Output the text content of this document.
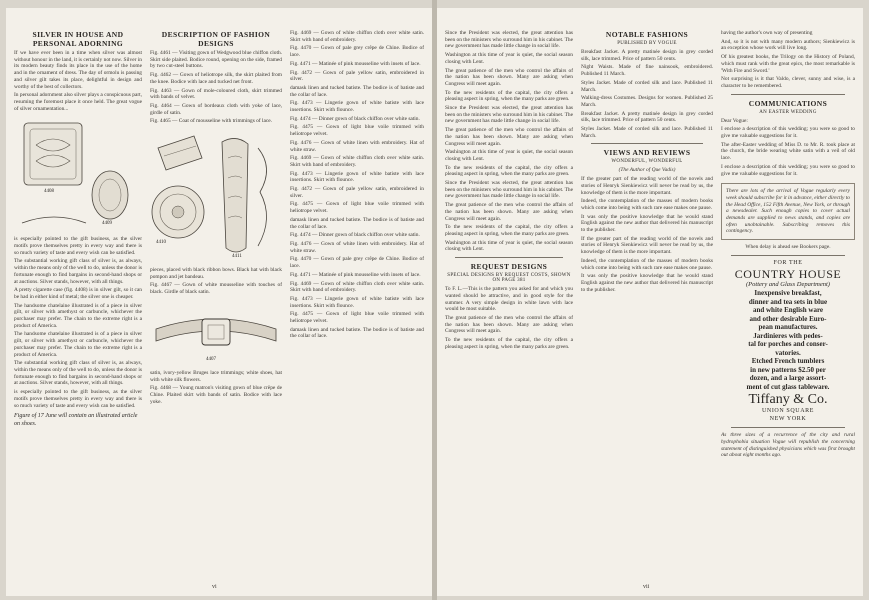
SILVER IN HOUSE AND PERSONAL ADORNING

If we have ever been in a time when silver was almost without honour in the land, it is certainly not now. Silver in its modern beauty finds its place in the use of the home and in the ornament of dress. The day of ormolu is passing and silver gilt takes its place, delightful in design and worthy of the best of collectors.

In personal adornment also silver plays a conspicuous part, resuming the foremost place it once held. The great vogue of silver ornamentation...

4408
4409

is especially pointed to the gift business, as the silver motifs prove themselves pretty in every way and there is so much variety of taste and every wish can be satisfied.

The substantial working gift class of silver is, as always, within the means only of the well to do, unless the donor is fortunate enough to find bargains in second-hand shops or at auctions. Silver stands, however, with all things.

A pretty cigarette case (fig. 4408) is in silver gilt, so it can be had in either kind of metal; the silver one is cheaper.

The handsome chatelaine illustrated is of a piece in silver gilt, or silver with amethyst or carbuncle, whichever the purchaser may prefer. The chain to the extreme right is a product of America.

The handsome chatelaine illustrated is of a piece in silver gilt, or silver with amethyst or carbuncle, whichever the purchaser may prefer. The chain to the extreme right is a product of America.

The substantial working gift class of silver is, as always, within the means only of the well to do, unless the donor is fortunate enough to find bargains in second-hand shops or at auctions. Silver stands, however, with all things.

is especially pointed to the gift business, as the silver motifs prove themselves pretty in every way and there is so much variety of taste and every wish can be satisfied.

Figure of 17 June will contain an illustrated article on shoes.
DESCRIPTION OF FASHION DESIGNS

Fig. 4461 — Visiting gown of Wedgwood blue chiffon cloth. Skirt side plaited. Bodice round, opening on the side, framed by two cut-steel buttons.

Fig. 4462 — Gown of heliotrope silk, the skirt plaited from the knee. Bodice with lace and tucked net front.

Fig. 4463 — Gown of mole-coloured cloth, skirt trimmed with bands of velvet.

Fig. 4464 — Gown of bordeaux cloth with yoke of lace, girdle of satin.

Fig. 4465 — Coat of mousseline with trimmings of lace.

4410
4411

pieces, placed with black ribbon bows. Black hat with black pompon and jet bandeau.

Fig. 4467 — Gown of white mousseline with touches of black. Girdle of black satin.

4407

satin, ivory-yellow Bruges lace trimmings; white shoes, hat with white silk flowers.

Fig. 4468 — Young matron's visiting gown of blue crêpe de Chine. Plaited skirt with bands of satin. Bodice with lace yoke.

Fig. 4469 — Gown of white chiffon cloth over white satin. Skirt with band of embroidery.

Fig. 4470 — Gown of pale grey crêpe de Chine. Bodice of lace.

Fig. 4471 — Matinée of pink mousseline with insets of lace.

Fig. 4472 — Gown of pale yellow satin, embroidered in silver.

damask linen and tucked batiste. The bodice is of batiste and the collar of lace.

Fig. 4473 — Lingerie gown of white batiste with lace insertions. Skirt with flounce.

Fig. 4474 — Dinner gown of black chiffon over white satin.

Fig. 4475 — Gown of light blue voile trimmed with heliotrope velvet.

Fig. 4476 — Gown of white linen with embroidery. Hat of white straw.

Fig. 4469 — Gown of white chiffon cloth over white satin. Skirt with band of embroidery.

Fig. 4473 — Lingerie gown of white batiste with lace insertions. Skirt with flounce.

Fig. 4472 — Gown of pale yellow satin, embroidered in silver.

Fig. 4475 — Gown of light blue voile trimmed with heliotrope velvet.

damask linen and tucked batiste. The bodice is of batiste and the collar of lace.

Fig. 4474 — Dinner gown of black chiffon over white satin.

Fig. 4476 — Gown of white linen with embroidery. Hat of white straw.

Fig. 4470 — Gown of pale grey crêpe de Chine. Bodice of lace.

Fig. 4471 — Matinée of pink mousseline with insets of lace.

Fig. 4469 — Gown of white chiffon cloth over white satin. Skirt with band of embroidery.

Fig. 4473 — Lingerie gown of white batiste with lace insertions. Skirt with flounce.

Fig. 4475 — Gown of light blue voile trimmed with heliotrope velvet.

damask linen and tucked batiste. The bodice is of batiste and the collar of lace.

vi

Since the President was elected, the great attention has been on the ministers who surround him in his cabinet. The new government has made little change in social life.

Washington at this time of year is quiet, the social season closing with Lent.

The great patience of the men who control the affairs of the nation has been shown. Many are asking when Congress will meet again.

To the new residents of the capital, the city offers a pleasing aspect in spring, when the many parks are green.

Since the President was elected, the great attention has been on the ministers who surround him in his cabinet. The new government has made little change in social life.

The great patience of the men who control the affairs of the nation has been shown. Many are asking when Congress will meet again.

Washington at this time of year is quiet, the social season closing with Lent.

To the new residents of the capital, the city offers a pleasing aspect in spring, when the many parks are green.

Since the President was elected, the great attention has been on the ministers who surround him in his cabinet. The new government has made little change in social life.

The great patience of the men who control the affairs of the nation has been shown. Many are asking when Congress will meet again.

To the new residents of the capital, the city offers a pleasing aspect in spring, when the many parks are green.

Washington at this time of year is quiet, the social season closing with Lent.

REQUEST DESIGNS
SPECIAL DESIGNS BY REQUEST COSTS, SHOWN ON PAGE 381

To F. L.—This is the pattern you asked for and which you wanted should be attractive, and in good style for the summer. A very simple design in white lawn with lace would be most suitable.

The great patience of the men who control the affairs of the nation has been shown. Many are asking when Congress will meet again.

To the new residents of the capital, the city offers a pleasing aspect in spring, when the many parks are green.

NOTABLE FASHIONS
PUBLISHED BY VOGUE

Breakfast Jacket. A pretty matinée design in grey corded silk, lace trimmed. Price of pattern 50 cents.

Night Waists. Made of fine nainsook, embroidered. Published 11 March.

Styles Jacket. Made of corded silk and lace. Published 11 March.

Walking-dress Costumes. Designs for women. Published 25 March.

Breakfast Jacket. A pretty matinée design in grey corded silk, lace trimmed. Price of pattern 50 cents.

Styles Jacket. Made of corded silk and lace. Published 11 March.

VIEWS AND REVIEWS
WONDERFUL, WONDERFUL

(The Author of Que Vadis)

If the greater part of the reading world of the novels and stories of Henryk Sienkiewicz will never be read by us, the knowledge of them is the more important.

Indeed, the contemplation of the masses of modern books which come into being with such rare ease makes one pause.

It was only the positive knowledge that he would stand English against the new author that delivered his manuscript to the publisher.

If the greater part of the reading world of the novels and stories of Henryk Sienkiewicz will never be read by us, the knowledge of them is the more important.

Indeed, the contemplation of the masses of modern books which come into being with such rare ease makes one pause.

It was only the positive knowledge that he would stand English against the new author that delivered his manuscript to the publisher.

having the author's own way of presenting

And, so it is not with many modern authors; Sienkiewicz is an exception whose work will live long.

Of his greatest books, the Trilogy on the History of Poland, which must rank with the great epics, the most remarkable is 'With Fire and Sword.'

Not surprising is it that Valdo, clever, sunny and wise, is a character to be remembered.

COMMUNICATIONS
AN EASTER WEDDING

Dear Vogue:

I enclose a description of this wedding; you were so good to give me valuable suggestions for it.

The after-Easter wedding of Miss D. to Mr. R. took place at the church, the bride wearing white satin with a veil of old lace.

I enclose a description of this wedding; you were so good to give me valuable suggestions for it.

There are lots of the arrival of Vogue regularly every week should subscribe for it in advance, either directly to the Head Office, 152 Fifth Avenue, New York, or through a newsdealer. Such enough copies to cover actual demands are supplied to news stands, and copies are often unobtainable. Subscribing removes this contingency.

When delay is ahead see Bookers page.

FOR THE
COUNTRY HOUSE
(Pottery and Glass Department)
Inexpensive breakfast,
dinner and tea sets in blue
and white English ware
and other desirable Euro-
pean manufactures.
Jardinieres with pedes-
tal for porches and conser-
vatories.
Etched French tumblers
in new patterns $2.50 per
dozen, and a large assort-
ment of cut glass tableware.
Tiffany & Co.
UNION SQUARE
NEW YORK

As three sizes of a recurrence of the city and rural hydrophobia situation Vogue will republish the concerning statement of distinguished physicians which was first brought out about eight months ago.

vii
